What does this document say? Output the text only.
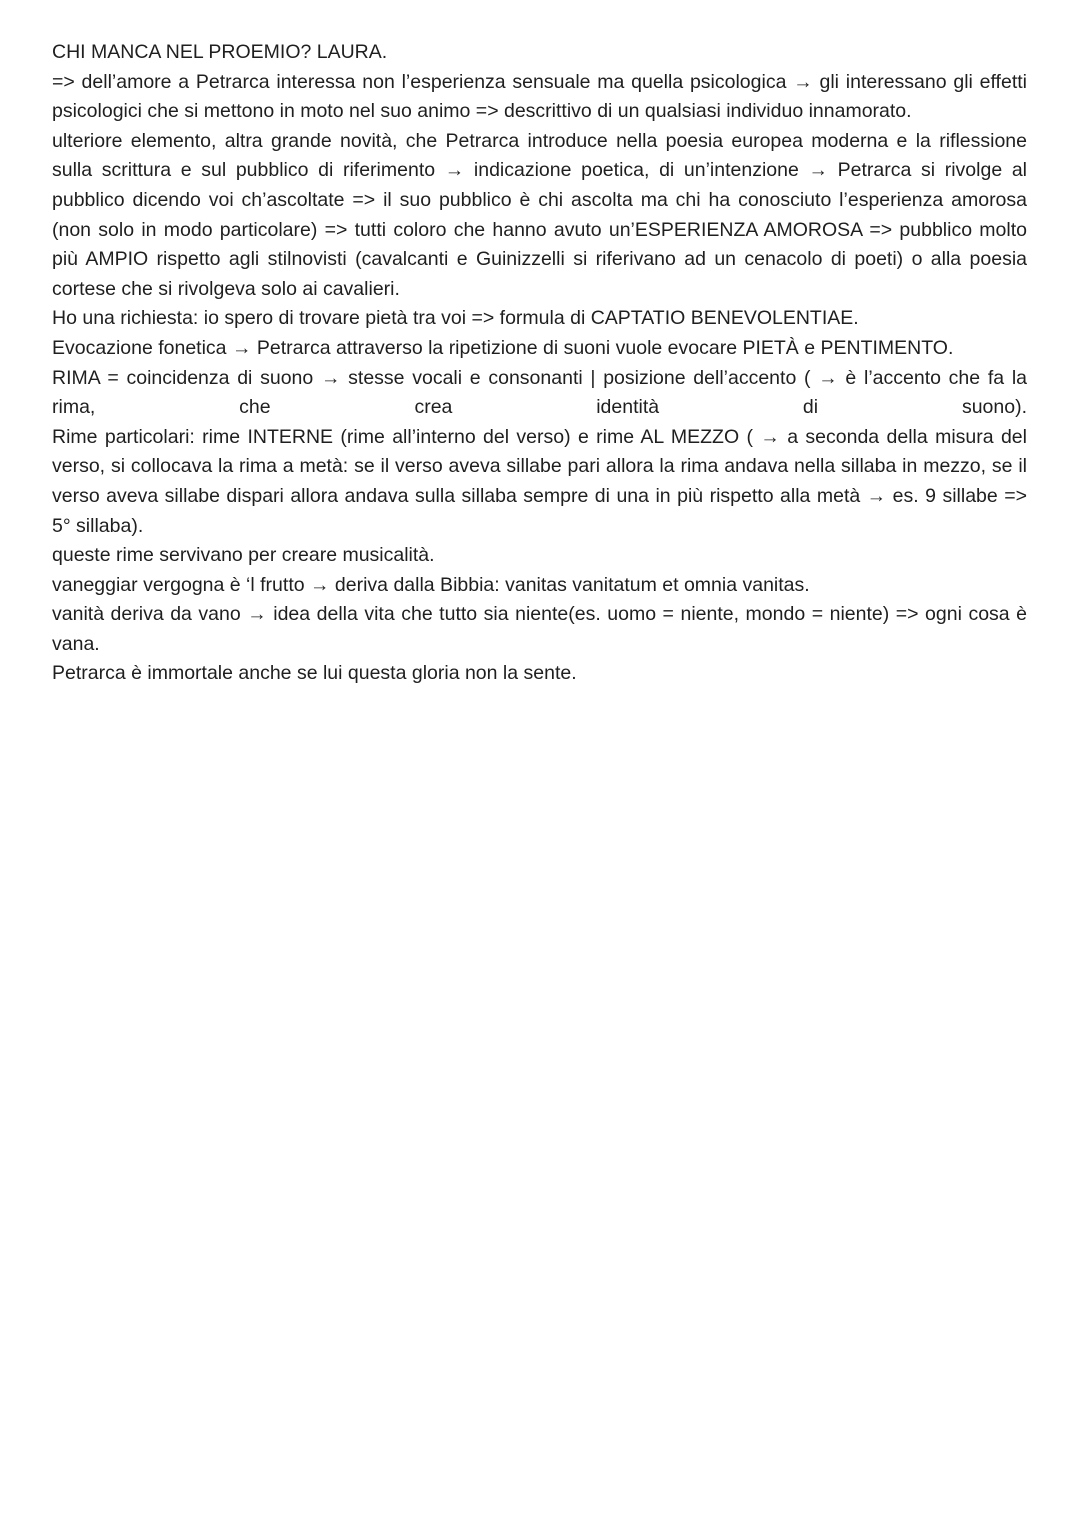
CHI MANCA NEL PROEMIO? LAURA.

=> dell’amore a Petrarca interessa non l’esperienza sensuale ma quella psicologica → gli interessano gli effetti psicologici che si mettono in moto nel suo animo => descrittivo di un qualsiasi individuo innamorato.

ulteriore elemento, altra grande novità, che Petrarca introduce nella poesia europea moderna e la riflessione sulla scrittura e sul pubblico di riferimento → indicazione poetica, di un’intenzione → Petrarca si rivolge al pubblico dicendo voi ch’ascoltate => il suo pubblico è chi ascolta ma chi ha conosciuto l’esperienza amorosa (non solo in modo particolare) => tutti coloro che hanno avuto un’ESPERIENZA AMOROSA => pubblico molto più AMPIO rispetto agli stilnovisti (cavalcanti e Guinizzelli si riferivano ad un cenacolo di poeti) o alla poesia cortese che si rivolgeva solo ai cavalieri.

Ho una richiesta: io spero di trovare pietà tra voi => formula di CAPTATIO BENEVOLENTIAE.

Evocazione fonetica → Petrarca attraverso la ripetizione di suoni vuole evocare PIETÀ e PENTIMENTO.

RIMA = coincidenza di suono → stesse vocali e consonanti | posizione dell’accento ( → è l’accento che fa la rima, che crea identità di suono).

Rime particolari: rime INTERNE (rime all’interno del verso) e rime AL MEZZO ( → a seconda della misura del verso, si collocava la rima a metà: se il verso aveva sillabe pari allora la rima andava nella sillaba in mezzo, se il verso aveva sillabe dispari allora andava sulla sillaba sempre di una in più rispetto alla metà → es. 9 sillabe => 5° sillaba).

queste rime servivano per creare musicalità.

vaneggiar vergogna è ‘l frutto → deriva dalla Bibbia: vanitas vanitatum et omnia vanitas.

vanità deriva da vano → idea della vita che tutto sia niente(es. uomo = niente, mondo = niente) => ogni cosa è vana.

Petrarca è immortale anche se lui questa gloria non la sente.
